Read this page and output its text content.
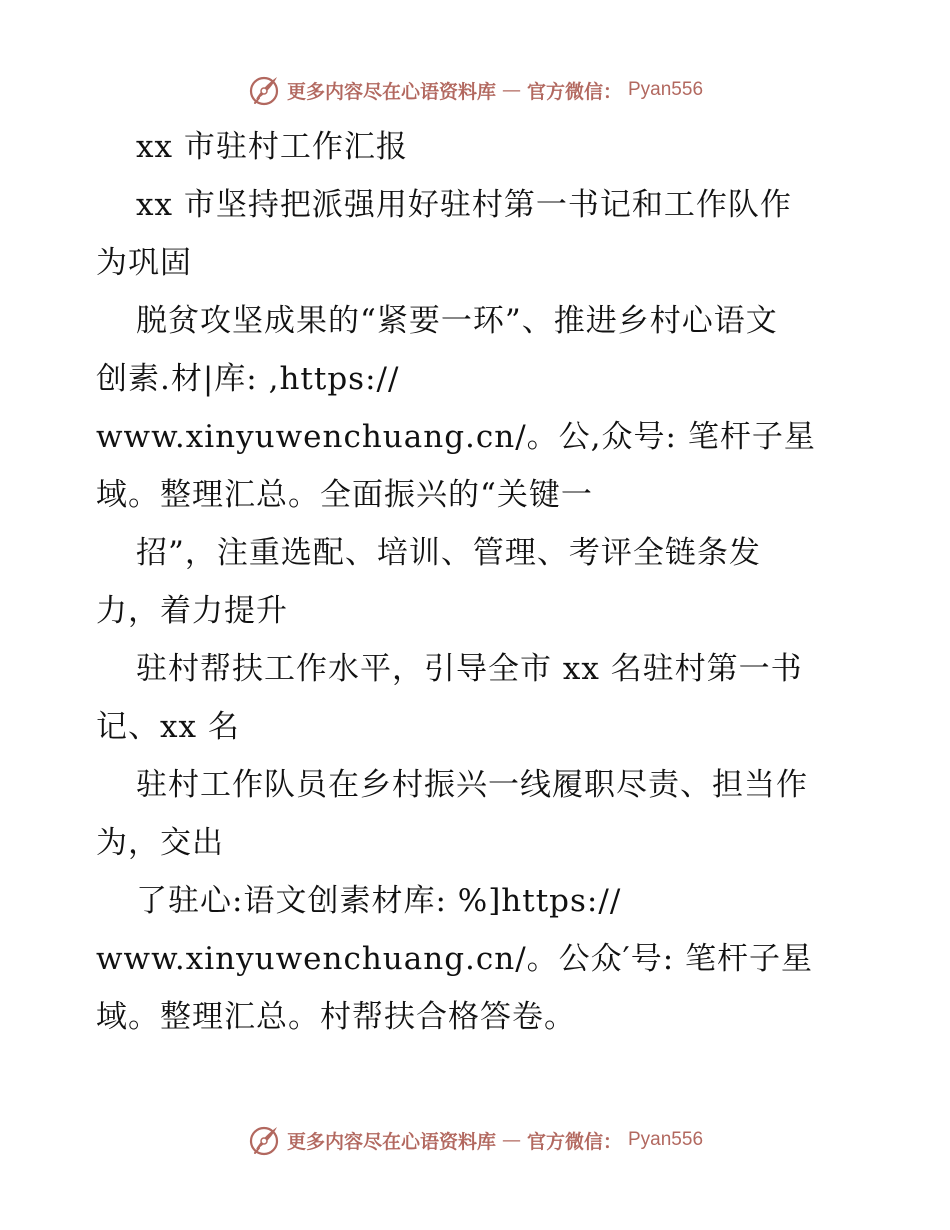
更多内容尽在心语资料库 — 官方微信： Pyan556
xx 市驻村工作汇报
xx 市坚持把派强用好驻村第一书记和工作队作
为巩固
脱贫攻坚成果的“紧要一环”、推进乡村心语文
创素.材|库: ,https://
www.xinyuwenchuang.cn/。公,众号: 笔杆子星
域。整理汇总。全面振兴的“关键一
招”，注重选配、培训、管理、考评全链条发
力，着力提升
驻村帮扶工作水平，引导全市 xx 名驻村第一书
记、xx 名
驻村工作队员在乡村振兴一线履职尽责、担当作
为，交出
了驻心:语文创素材库: %]https://
www.xinyuwenchuang.cn/。公众′号: 笔杆子星
域。整理汇总。村帮扶合格答卷。
更多内容尽在心语资料库 — 官方微信： Pyan556
